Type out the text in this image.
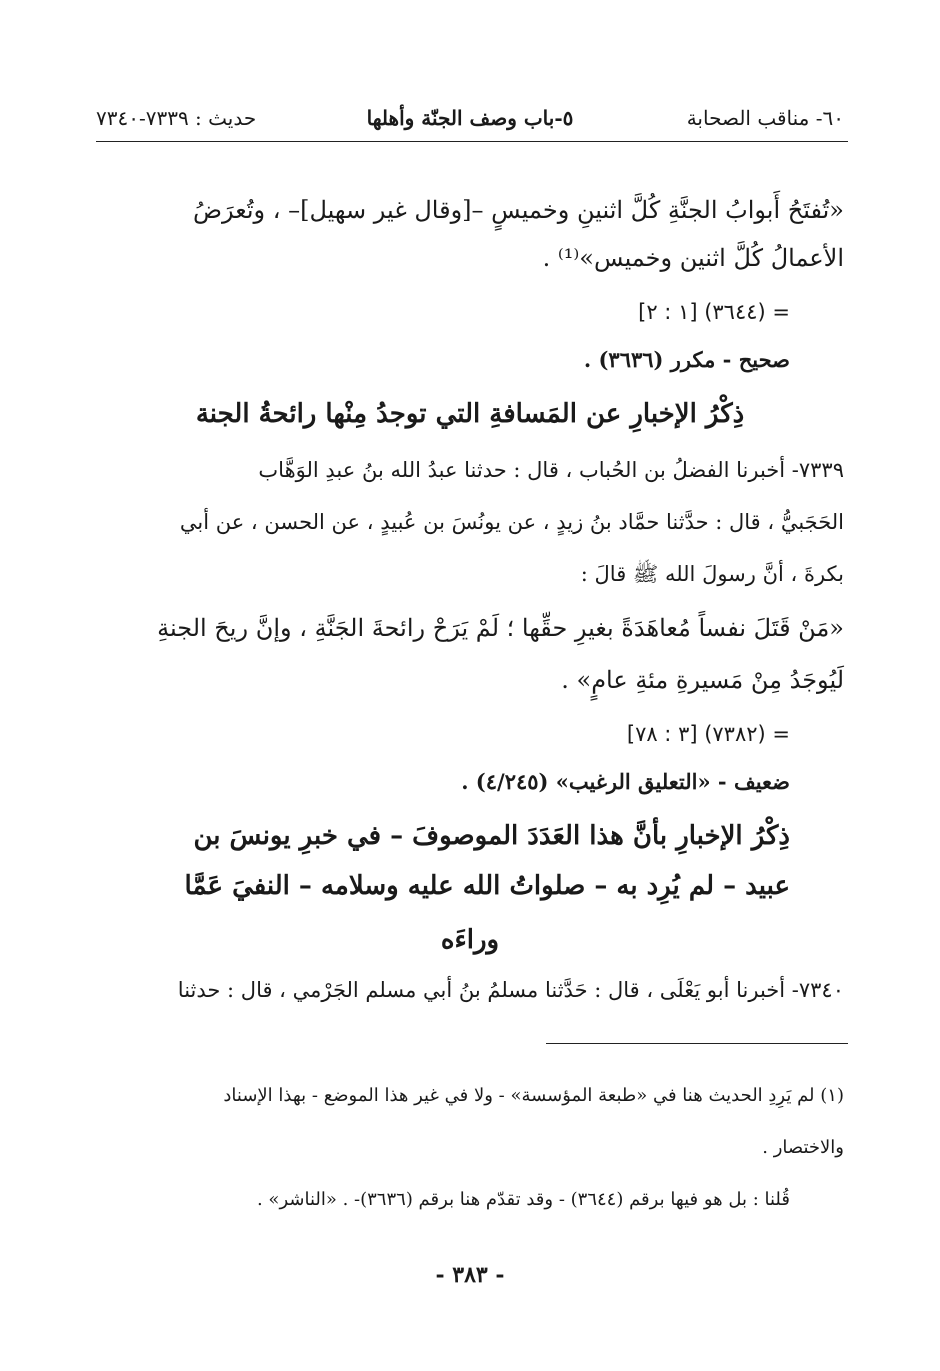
٦٠- مناقب الصحابة
٥-باب وصف الجنّة وأهلها
حديث : ٧٣٣٩-٧٣٤٠
«تُفتَحُ أَبوابُ الجنَّةِ كُلَّ اثنينِ وخميسٍ –[وقال غير سهيل]– ، وتُعرَضُ
الأعمالُ كُلَّ اثنين وخميس»⁽¹⁾ .
= (٣٦٤٤) [١ : ٢]
صحيح - مكرر (٣٦٣٦) .
ذِكْرُ الإخبارِ عن المَسافةِ التي توجدُ مِنْها رائحةُ الجنة
٧٣٣٩- أخبرنا الفضلُ بن الحُباب ، قال : حدثنا عبدُ الله بنُ عبدِ الوَهَّاب
الحَجَبيُّ ، قال : حدَّثنا حمَّاد بنُ زيدٍ ، عن يونُسَ بن عُبيدٍ ، عن الحسن ، عن أبي
بكرةَ ، أنَّ رسولَ الله ﷺ قالَ :
«مَنْ قَتَلَ نفساً مُعاهَدَةً بغيرِ حقِّها ؛ لَمْ يَرَحْ رائحةَ الجَنَّةِ ، وإنَّ ريحَ الجنةِ
لَيُوجَدُ مِنْ مَسيرةِ مئةِ عامٍ» .
= (٧٣٨٢) [٣ : ٧٨]
ضعيف - «التعليق الرغيب» (٤/٢٤٥) .
ذِكْرُ الإخبارِ بأنَّ هذا العَدَدَ الموصوفَ – في خبرِ يونسَ بن
عبيد – لم يُرِد به – صلواتُ الله عليه وسلامه – النفيَ عَمَّا
وراءَه
٧٣٤٠- أخبرنا أبو يَعْلَى ، قال : حَدَّثنا مسلمُ بنُ أبي مسلم الجَرْمي ، قال : حدثنا
(١) لم يَرِدِ الحديث هنا في «طبعة المؤسسة» - ولا في غير هذا الموضع - بهذا الإسناد
والاختصار .
قُلنا : بل هو فيها برقم (٣٦٤٤) - وقد تقدّم هنا برقم (٣٦٣٦)- . «الناشر» .
- ٣٨٣ -
